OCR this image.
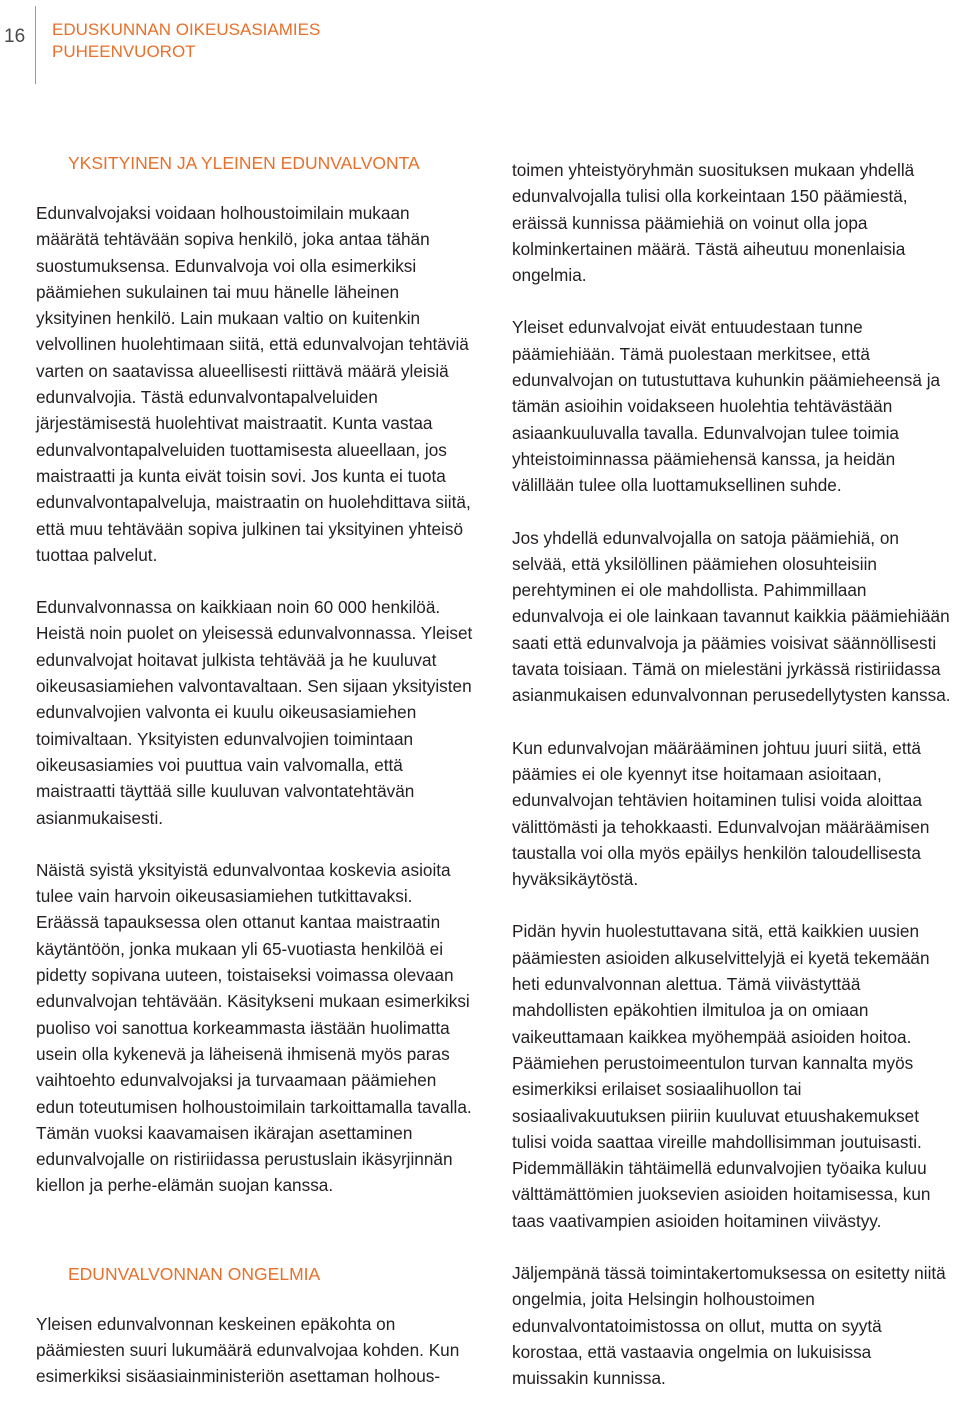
16 EDUSKUNNAN OIKEUSASIAMIES
PUHEENVUOROT
YKSITYINEN JA YLEINEN EDUNVALVONTA

Edunvalvojaksi voidaan holhoustoimilain mukaan määrätä tehtävään sopiva henkilö, joka antaa tähän suostumuksensa. Edunvalvoja voi olla esimerkiksi päämiehen sukulainen tai muu hänelle läheinen yksityinen henkilö. Lain mukaan valtio on kuitenkin velvollinen huolehtimaan siitä, että edunvalvojan tehtäviä varten on saatavissa alueellisesti riittävä määrä yleisiä edunvalvojia. Tästä edunvalvontapalveluiden järjestämisestä huolehtivat maistraatit. Kunta vastaa edunvalvontapalveluiden tuottamisesta alueellaan, jos maistraatti ja kunta eivät toisin sovi. Jos kunta ei tuota edunvalvontapalveluja, maistraatin on huolehdittava siitä, että muu tehtävään sopiva julkinen tai yksityinen yhteisö tuottaa palvelut.

Edunvalvonnassa on kaikkiaan noin 60 000 henkilöä. Heistä noin puolet on yleisessä edunvalvonnassa. Yleiset edunvalvojat hoitavat julkista tehtävää ja he kuuluvat oikeusasiamiehen valvontavaltaan. Sen sijaan yksityisten edunvalvojien valvonta ei kuulu oikeusasiamiehen toimivaltaan. Yksityisten edunvalvojien toimintaan oikeusasiamies voi puuttua vain valvomalla, että maistraatti täyttää sille kuuluvan valvontatehtävän asianmukaisesti.

Näistä syistä yksityistä edunvalvontaa koskevia asioita tulee vain harvoin oikeusasiamiehen tutkittavaksi. Eräässä tapauksessa olen ottanut kantaa maistraatin käytäntöön, jonka mukaan yli 65-vuotiasta henkilöä ei pidetty sopivana uuteen, toistaiseksi voimassa olevaan edunvalvojan tehtävään. Käsitykseni mukaan esimerkiksi puoliso voi sanottua korkeammasta iästään huolimatta usein olla kykenevä ja läheisenä ihmisenä myös paras vaihtoehto edunvalvojaksi ja turvaamaan päämiehen edun toteutumisen holhoustoimilain tarkoittamalla tavalla. Tämän vuoksi kaavamaisen ikärajan asettaminen edunvalvojalle on ristiriidassa perustuslain ikäsyrjinnän kiellon ja perhe-elämän suojan kanssa.

EDUNVALVONNAN ONGELMIA

Yleisen edunvalvonnan keskeinen epäkohta on päämiesten suuri lukumäärä edunvalvojaa kohden. Kun esimerkiksi sisäasiainministeriön asettaman holhous-

toimen yhteistyöryhmän suosituksen mukaan yhdellä edunvalvojalla tulisi olla korkeintaan 150 päämiestä, eräissä kunnissa päämiehiä on voinut olla jopa kolminkertainen määrä. Tästä aiheutuu monenlaisia ongelmia.

Yleiset edunvalvojat eivät entuudestaan tunne päämiehiään. Tämä puolestaan merkitsee, että edunvalvojan on tutustuttava kuhunkin päämieheensä ja tämän asioihin voidakseen huolehtia tehtävästään asiaankuuluvalla tavalla. Edunvalvojan tulee toimia yhteistoiminnassa päämiehensä kanssa, ja heidän välillään tulee olla luottamuksellinen suhde.

Jos yhdellä edunvalvojalla on satoja päämiehiä, on selvää, että yksilöllinen päämiehen olosuhteisiin perehtyminen ei ole mahdollista. Pahimmillaan edunvalvoja ei ole lainkaan tavannut kaikkia päämiehiään saati että edunvalvoja ja päämies voisivat säännöllisesti tavata toisiaan. Tämä on mielestäni jyrkässä ristiriidassa asianmukaisen edunvalvonnan perusedellytysten kanssa.

Kun edunvalvojan määrääminen johtuu juuri siitä, että päämies ei ole kyennyt itse hoitamaan asioitaan, edunvalvojan tehtävien hoitaminen tulisi voida aloittaa välittömästi ja tehokkaasti. Edunvalvojan määräämisen taustalla voi olla myös epäilys henkilön taloudellisesta hyväksikäytöstä.

Pidän hyvin huolestuttavana sitä, että kaikkien uusien päämiesten asioiden alkuselvittelyjä ei kyetä tekemään heti edunvalvonnan alettua. Tämä viivästyttää mahdollisten epäkohtien ilmituloa ja on omiaan vaikeuttamaan kaikkea myöhempää asioiden hoitoa. Päämiehen perustoimeentulon turvan kannalta myös esimerkiksi erilaiset sosiaalihuollon tai sosiaalivakuutuksen piiriin kuuluvat etuushakemukset tulisi voida saattaa vireille mahdollisimman joutuisasti. Pidemmälläkin tähtäimellä edunvalvojien työaika kuluu välttämättömien juoksevien asioiden hoitamisessa, kun taas vaativampien asioiden hoitaminen viivästyy.

Jäljempänä tässä toimintakertomuksessa on esitetty niitä ongelmia, joita Helsingin holhoustoimen edunvalvontatoimistossa on ollut, mutta on syytä korostaa, että vastaavia ongelmia on lukuisissa muissakin kunnissa.
